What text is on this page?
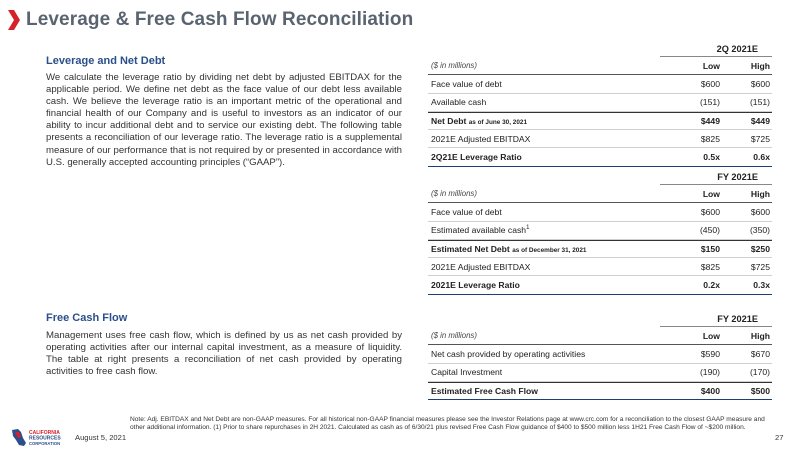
Leverage & Free Cash Flow Reconciliation
Leverage and Net Debt
We calculate the leverage ratio by dividing net debt by adjusted EBITDAX for the applicable period. We define net debt as the face value of our debt less available cash. We believe the leverage ratio is an important metric of the operational and financial health of our Company and is useful to investors as an indicator of our ability to incur additional debt and to service our existing debt. The following table presents a reconciliation of our leverage ratio. The leverage ratio is a supplemental measure of our performance that is not required by or presented in accordance with U.S. generally accepted accounting principles (“GAAP”).
Free Cash Flow
Management uses free cash flow, which is defined by us as net cash provided by operating activities after our internal capital investment, as a measure of liquidity. The table at right presents a reconciliation of net cash provided by operating activities to free cash flow.
2Q 2021E
($ in millions)	Low	High
Face value of debt	$600	$600
Available cash	(151)	(151)
Net Debt as of June 30, 2021	$449	$449
2021E Adjusted EBITDAX	$825	$725
2Q21E Leverage Ratio	0.5x	0.6x
FY 2021E
($ in millions)	Low	High
Face value of debt	$600	$600
Estimated available cash$^1$	(450)	(350)
Estimated Net Debt as of December 31, 2021	$150	$250
2021E Adjusted EBITDAX	$825	$725
2021E Leverage Ratio	0.2x	0.3x
FY 2021E
($ in millions)	Low	High
Net cash provided by operating activities	$590	$670
Capital Investment	(190)	(170)
Estimated Free Cash Flow	$400	$500
CALIFORNIA
RESOURCES
CORPORATION
August 5, 2021
Note: Adj. EBITDAX and Net Debt are non-GAAP measures. For all historical non-GAAP financial measures please see the Investor Relations page at www.crc.com for a reconciliation to the closest GAAP measure and other additional information. (1) Prior to share repurchases in 2H 2021. Calculated as cash as of 6/30/21 plus revised Free Cash Flow guidance of $400 to $500 million less 1H21 Free Cash Flow of ~$200 million.
27
